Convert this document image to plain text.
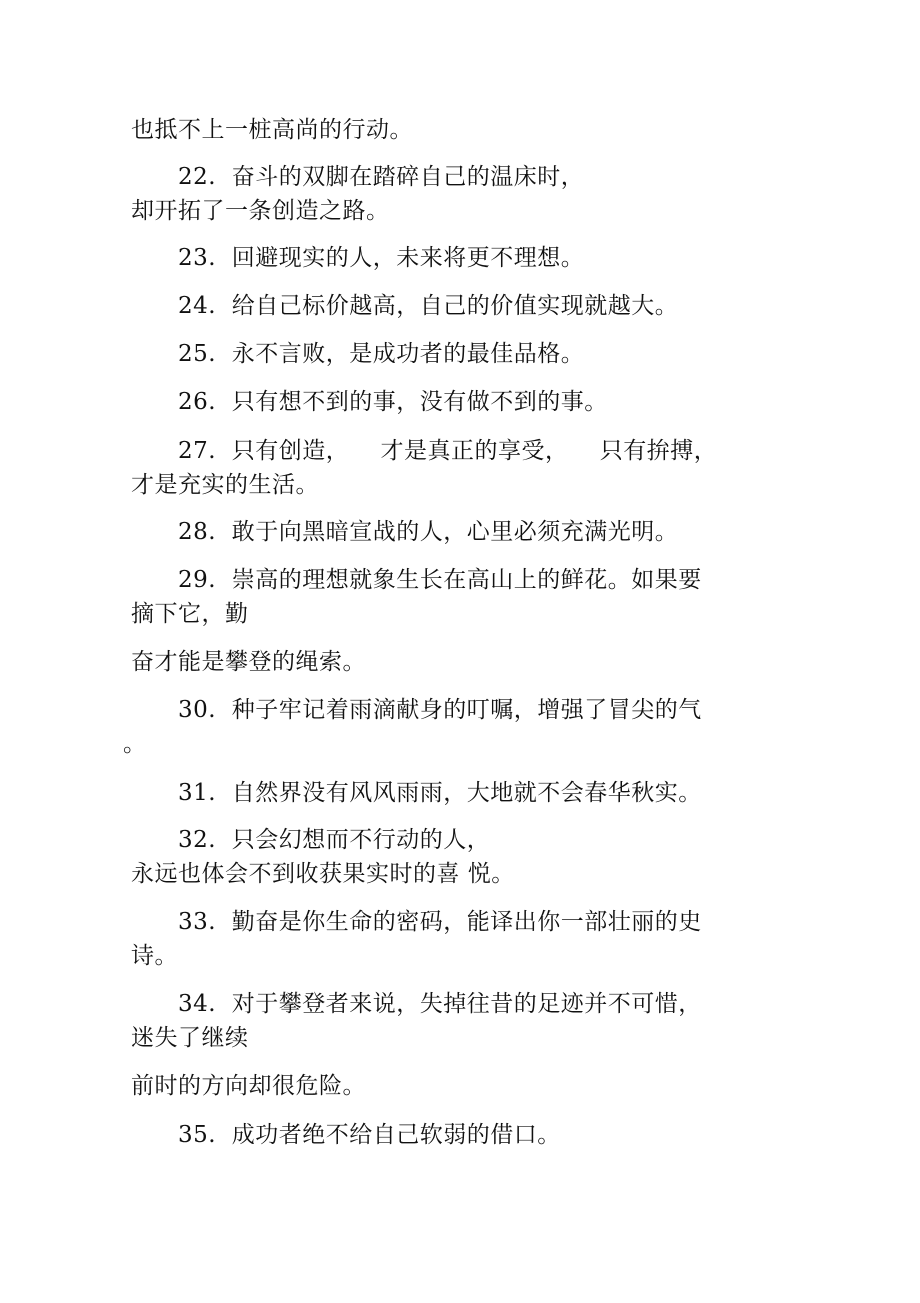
也抵不上一桩高尚的行动。
22.  奋斗的双脚在踏碎自己的温床时，
却开拓了一条创造之路。
23.  回避现实的人，未来将更不理想。
24.  给自己标价越高，自己的价值实现就越大。
25.  永不言败，是成功者的最佳品格。
26.  只有想不到的事，没有做不到的事。
27.  只有创造，    才是真正的享受，    只有拚搏，
才是充实的生活。
28.  敢于向黑暗宣战的人，心里必须充满光明。
29.  崇高的理想就象生长在高山上的鲜花。如果要
摘下它，勤
奋才能是攀登的绳索。
30.  种子牢记着雨滴献身的叮嘱，增强了冒尖的气
。
31.  自然界没有风风雨雨，大地就不会春华秋实。
32.  只会幻想而不行动的人，
永远也体会不到收获果实时的喜 悦。
33.  勤奋是你生命的密码，能译出你一部壮丽的史
诗。
34.  对于攀登者来说，失掉往昔的足迹并不可惜，
迷失了继续
前时的方向却很危险。
35.  成功者绝不给自己软弱的借口。
